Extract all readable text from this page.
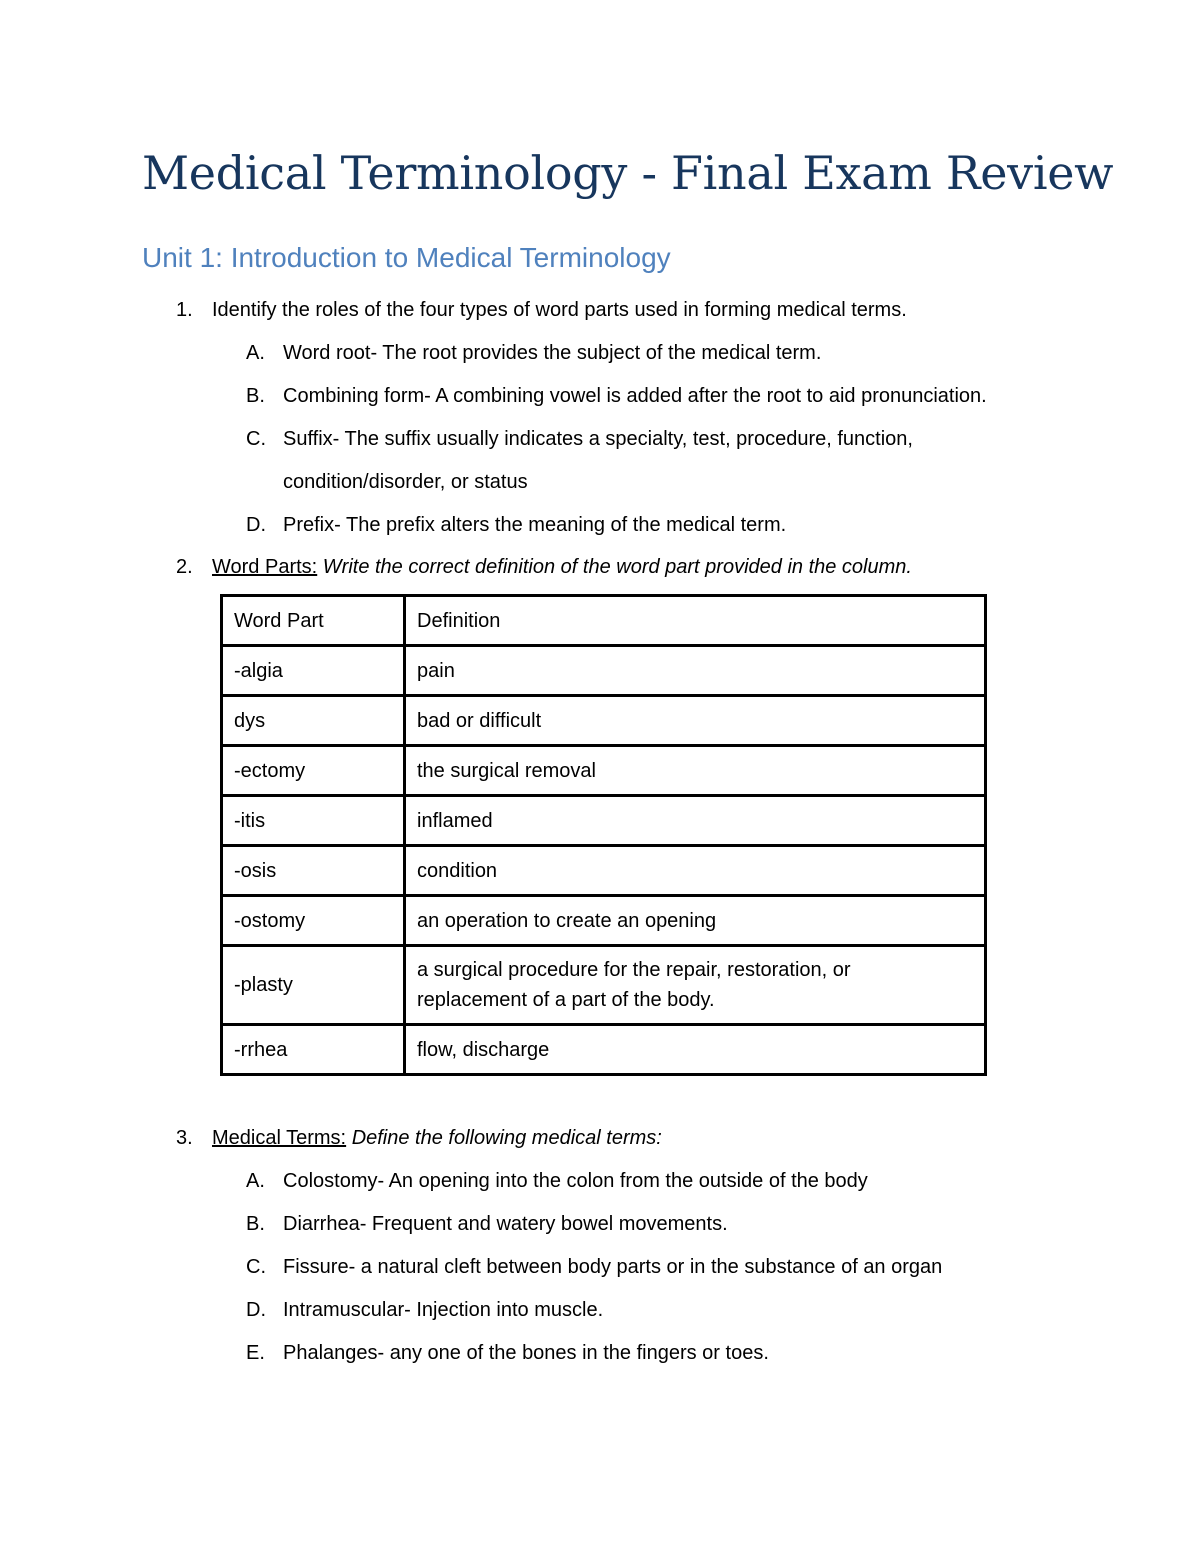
Medical Terminology - Final Exam Review
Unit 1: Introduction to Medical Terminology
1. Identify the roles of the four types of word parts used in forming medical terms.
A. Word root- The root provides the subject of the medical term.
B. Combining form- A combining vowel is added after the root to aid pronunciation.
C. Suffix- The suffix usually indicates a specialty, test, procedure, function,
condition/disorder, or status
D. Prefix- The prefix alters the meaning of the medical term.
2. Word Parts: Write the correct definition of the word part provided in the column.
Word Part	Definition
-algia	pain
dys	bad or difficult
-ectomy	the surgical removal
-itis	inflamed
-osis	condition
-ostomy	an operation to create an opening
-plasty	a surgical procedure for the repair, restoration, or
replacement of a part of the body.
-rrhea	flow, discharge
3. Medical Terms: Define the following medical terms:
A. Colostomy- An opening into the colon from the outside of the body
B. Diarrhea- Frequent and watery bowel movements.
C. Fissure- a natural cleft between body parts or in the substance of an organ
D. Intramuscular- Injection into muscle.
E. Phalanges- any one of the bones in the fingers or toes.
